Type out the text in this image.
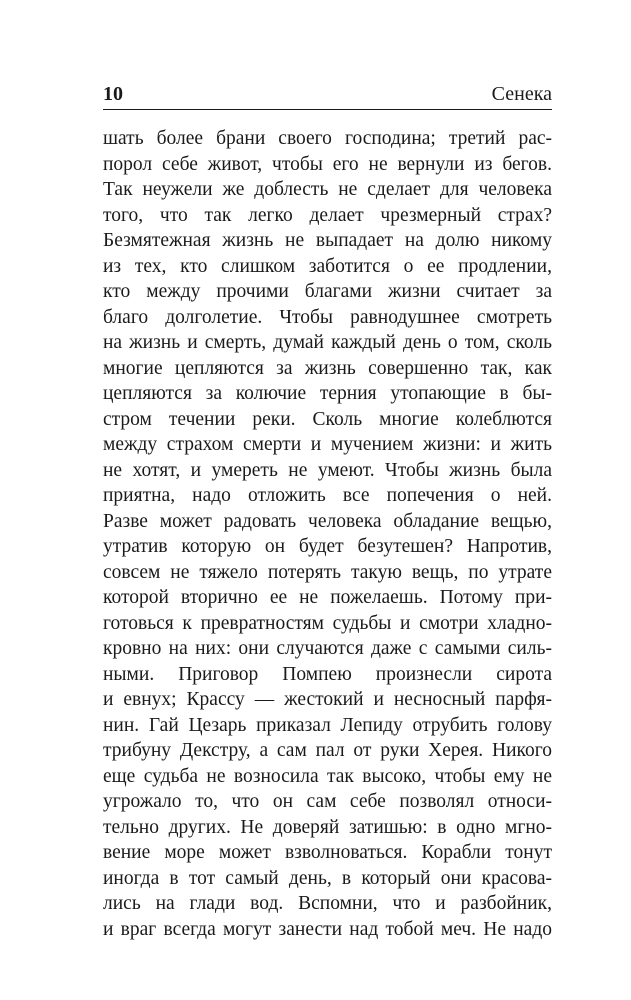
10	Сенека
шать более брани своего господина; третий рас-
порол себе живот, чтобы его не вернули из бегов.
Так неужели же доблесть не сделает для человека
того, что так легко делает чрезмерный страх?
Безмятежная жизнь не выпадает на долю никому
из тех, кто слишком заботится о ее продлении,
кто между прочими благами жизни считает за
благо долголетие. Чтобы равнодушнее смотреть
на жизнь и смерть, думай каждый день о том, сколь
многие цепляются за жизнь совершенно так, как
цепляются за колючие терния утопающие в бы-
стром течении реки. Сколь многие колеблются
между страхом смерти и мучением жизни: и жить
не хотят, и умереть не умеют. Чтобы жизнь была
приятна, надо отложить все попечения о ней.
Разве может радовать человека обладание вещью,
утратив которую он будет безутешен? Напротив,
совсем не тяжело потерять такую вещь, по утрате
которой вторично ее не пожелаешь. Потому при-
готовься к превратностям судьбы и смотри хладно-
кровно на них: они случаются даже с самыми силь-
ными. Приговор Помпею произнесли сирота
и евнух; Крассу — жестокий и несносный парфя-
нин. Гай Цезарь приказал Лепиду отрубить голову
трибуну Декстру, а сам пал от руки Херея. Никого
еще судьба не возносила так высоко, чтобы ему не
угрожало то, что он сам себе позволял относи-
тельно других. Не доверяй затишью: в одно мгно-
вение море может взволноваться. Корабли тонут
иногда в тот самый день, в который они красова-
лись на глади вод. Вспомни, что и разбойник,
и враг всегда могут занести над тобой меч. Не надо
